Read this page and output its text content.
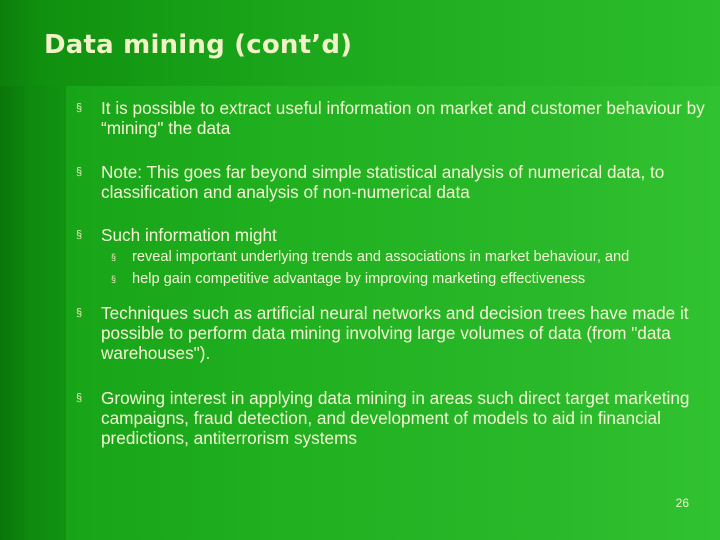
Data mining (cont’d)
§ It is possible to extract useful information on market and customer behaviour by “mining" the data
§ Note: This goes far beyond simple statistical analysis of numerical data, to classification and analysis of non-numerical data
§ Such information might
§ reveal important underlying trends and associations in market behaviour, and
§ help gain competitive advantage by improving marketing effectiveness
§ Techniques such as artificial neural networks and decision trees have made it possible to perform data mining involving large volumes of data (from "data warehouses").
§ Growing interest in applying data mining in areas such direct target marketing campaigns, fraud detection, and development of models to aid in financial predictions, antiterrorism systems
26
